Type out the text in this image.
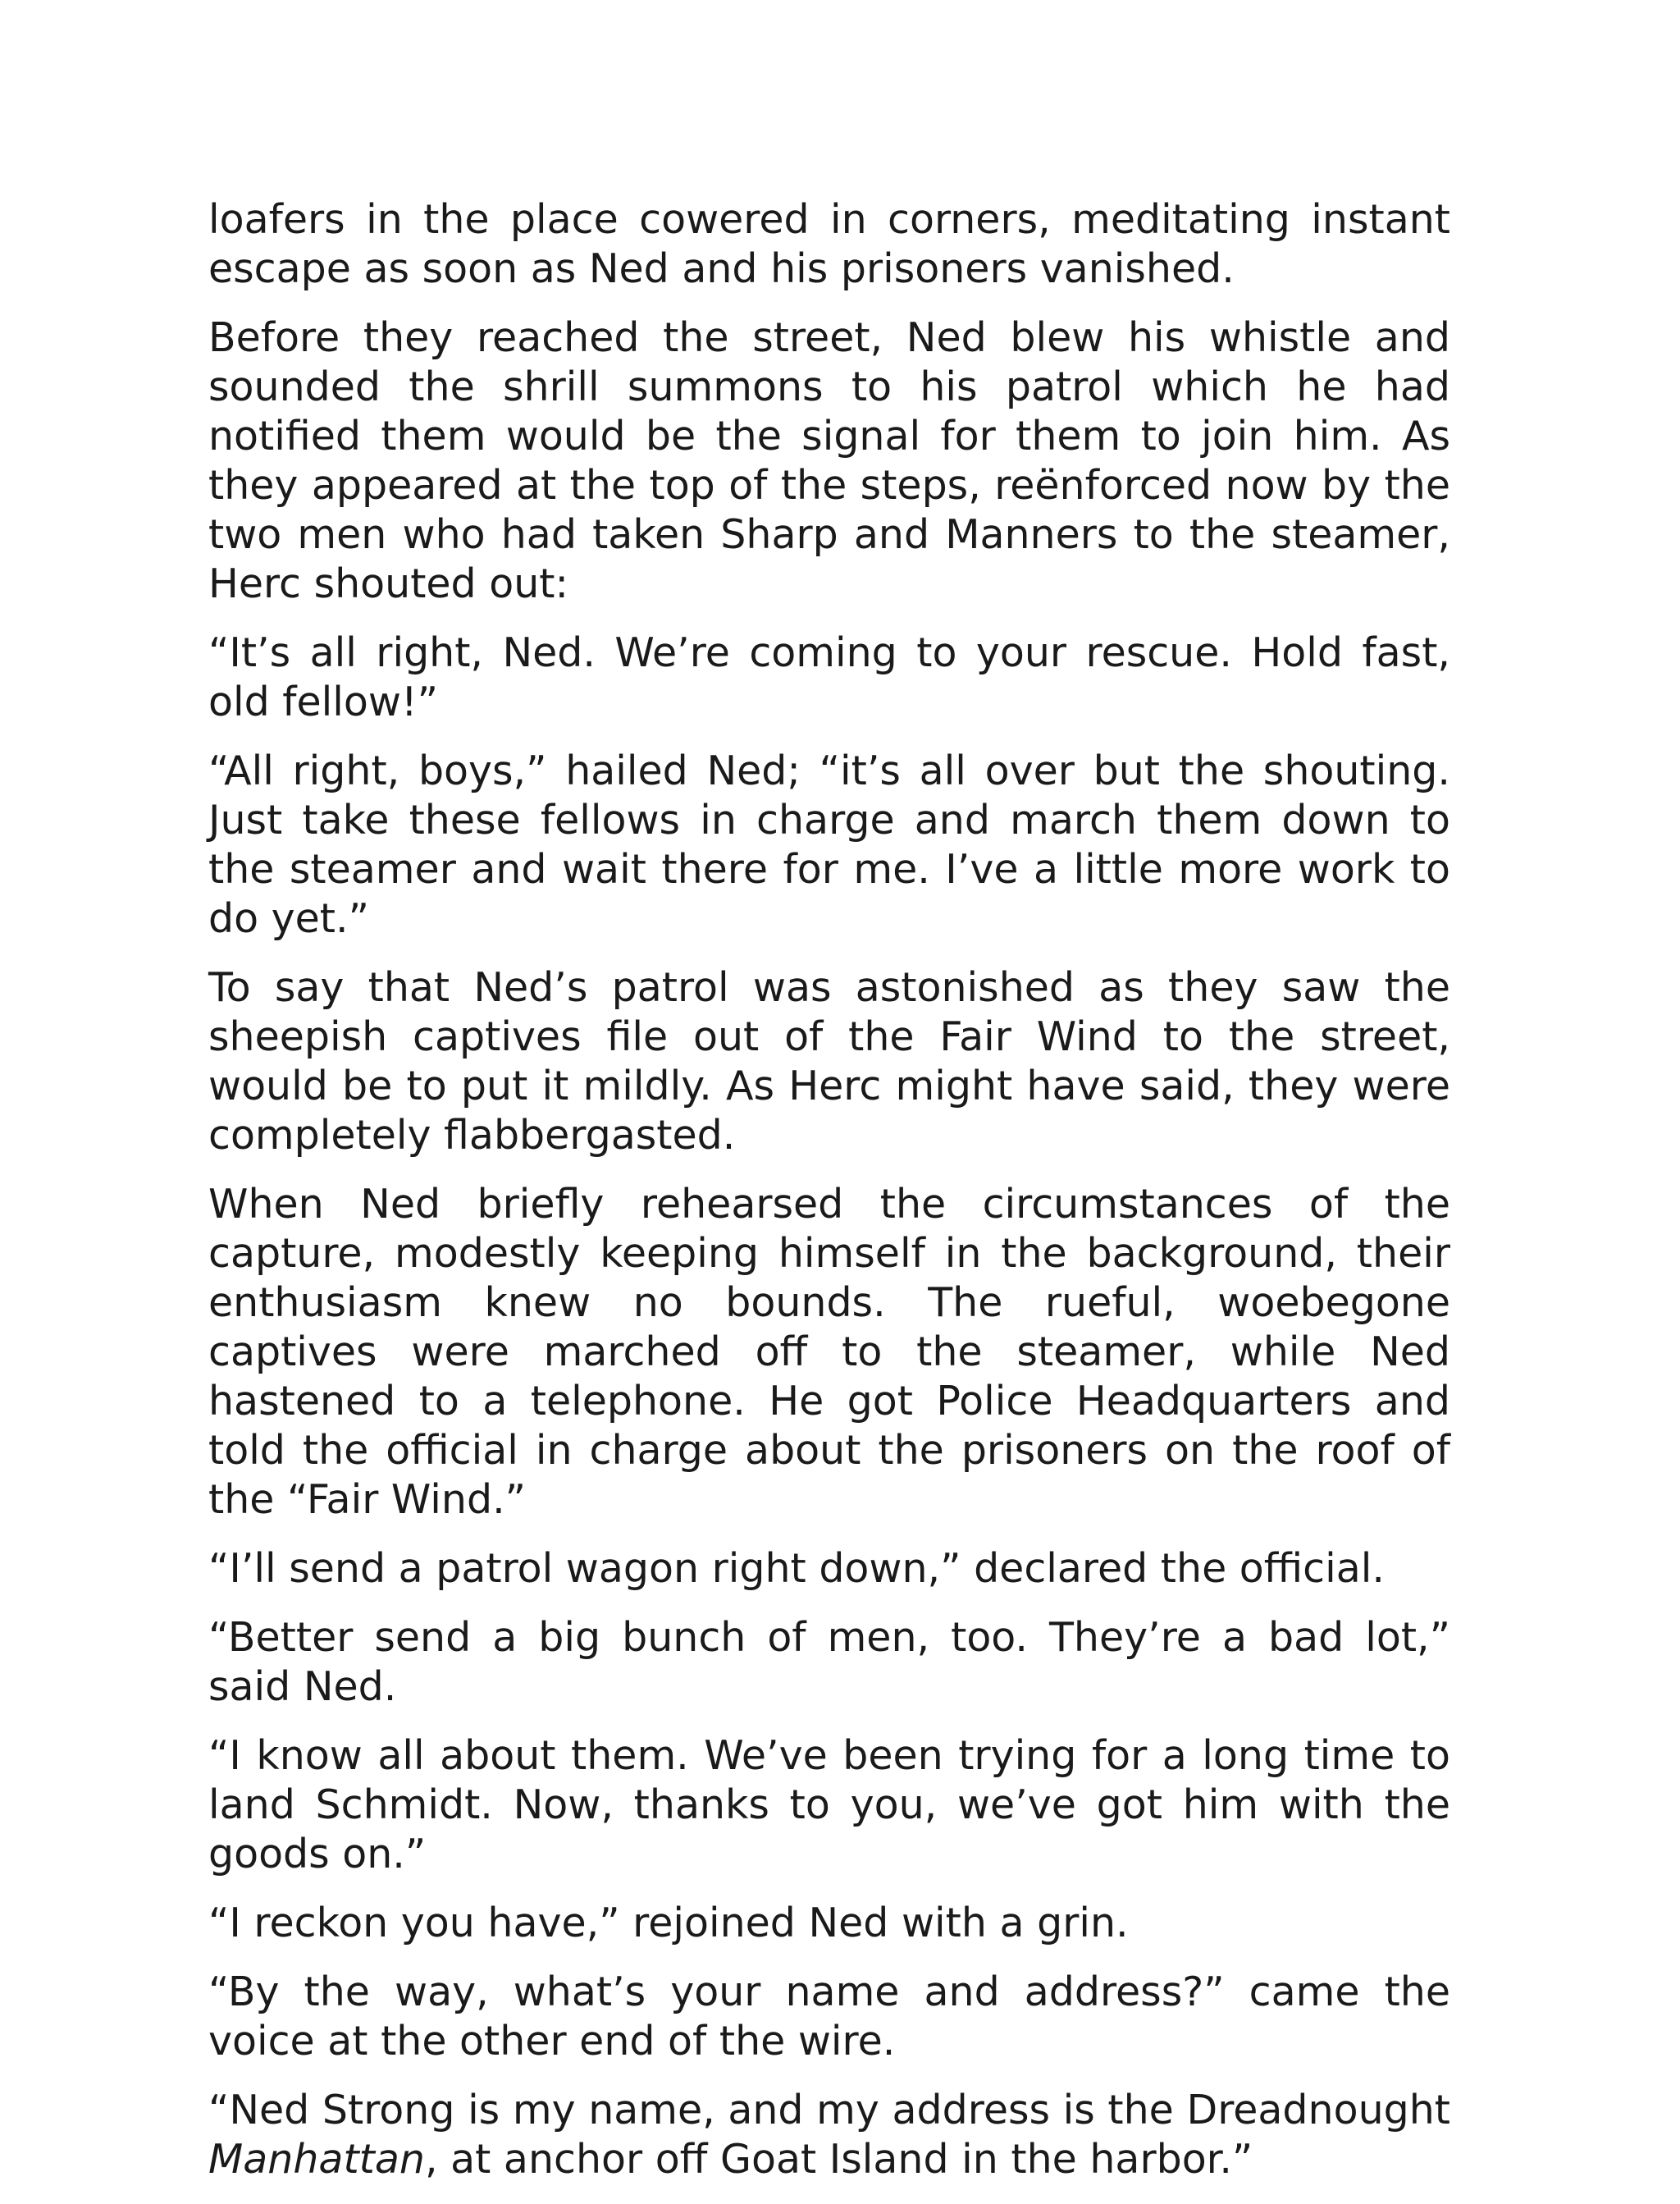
loafers in the place cowered in corners, meditating instant escape as soon as Ned and his prisoners vanished.

Before they reached the street, Ned blew his whistle and sounded the shrill summons to his patrol which he had notified them would be the signal for them to join him. As they appeared at the top of the steps, reënforced now by the two men who had taken Sharp and Manners to the steamer, Herc shouted out:

“It’s all right, Ned. We’re coming to your rescue. Hold fast, old fellow!”

“All right, boys,” hailed Ned; “it’s all over but the shouting. Just take these fellows in charge and march them down to the steamer and wait there for me. I’ve a little more work to do yet.”

To say that Ned’s patrol was astonished as they saw the sheepish captives file out of the Fair Wind to the street, would be to put it mildly. As Herc might have said, they were completely flabbergasted.

When Ned briefly rehearsed the circumstances of the capture, modestly keeping himself in the background, their enthusiasm knew no bounds. The rueful, woebegone captives were marched off to the steamer, while Ned hastened to a telephone. He got Police Headquarters and told the official in charge about the prisoners on the roof of the “Fair Wind.”

“I’ll send a patrol wagon right down,” declared the official.

“Better send a big bunch of men, too. They’re a bad lot,” said Ned.

“I know all about them. We’ve been trying for a long time to land Schmidt. Now, thanks to you, we’ve got him with the goods on.”

“I reckon you have,” rejoined Ned with a grin.

“By the way, what’s your name and address?” came the voice at the other end of the wire.

“Ned Strong is my name, and my address is the Dreadnought Manhattan, at anchor off Goat Island in the harbor.”
